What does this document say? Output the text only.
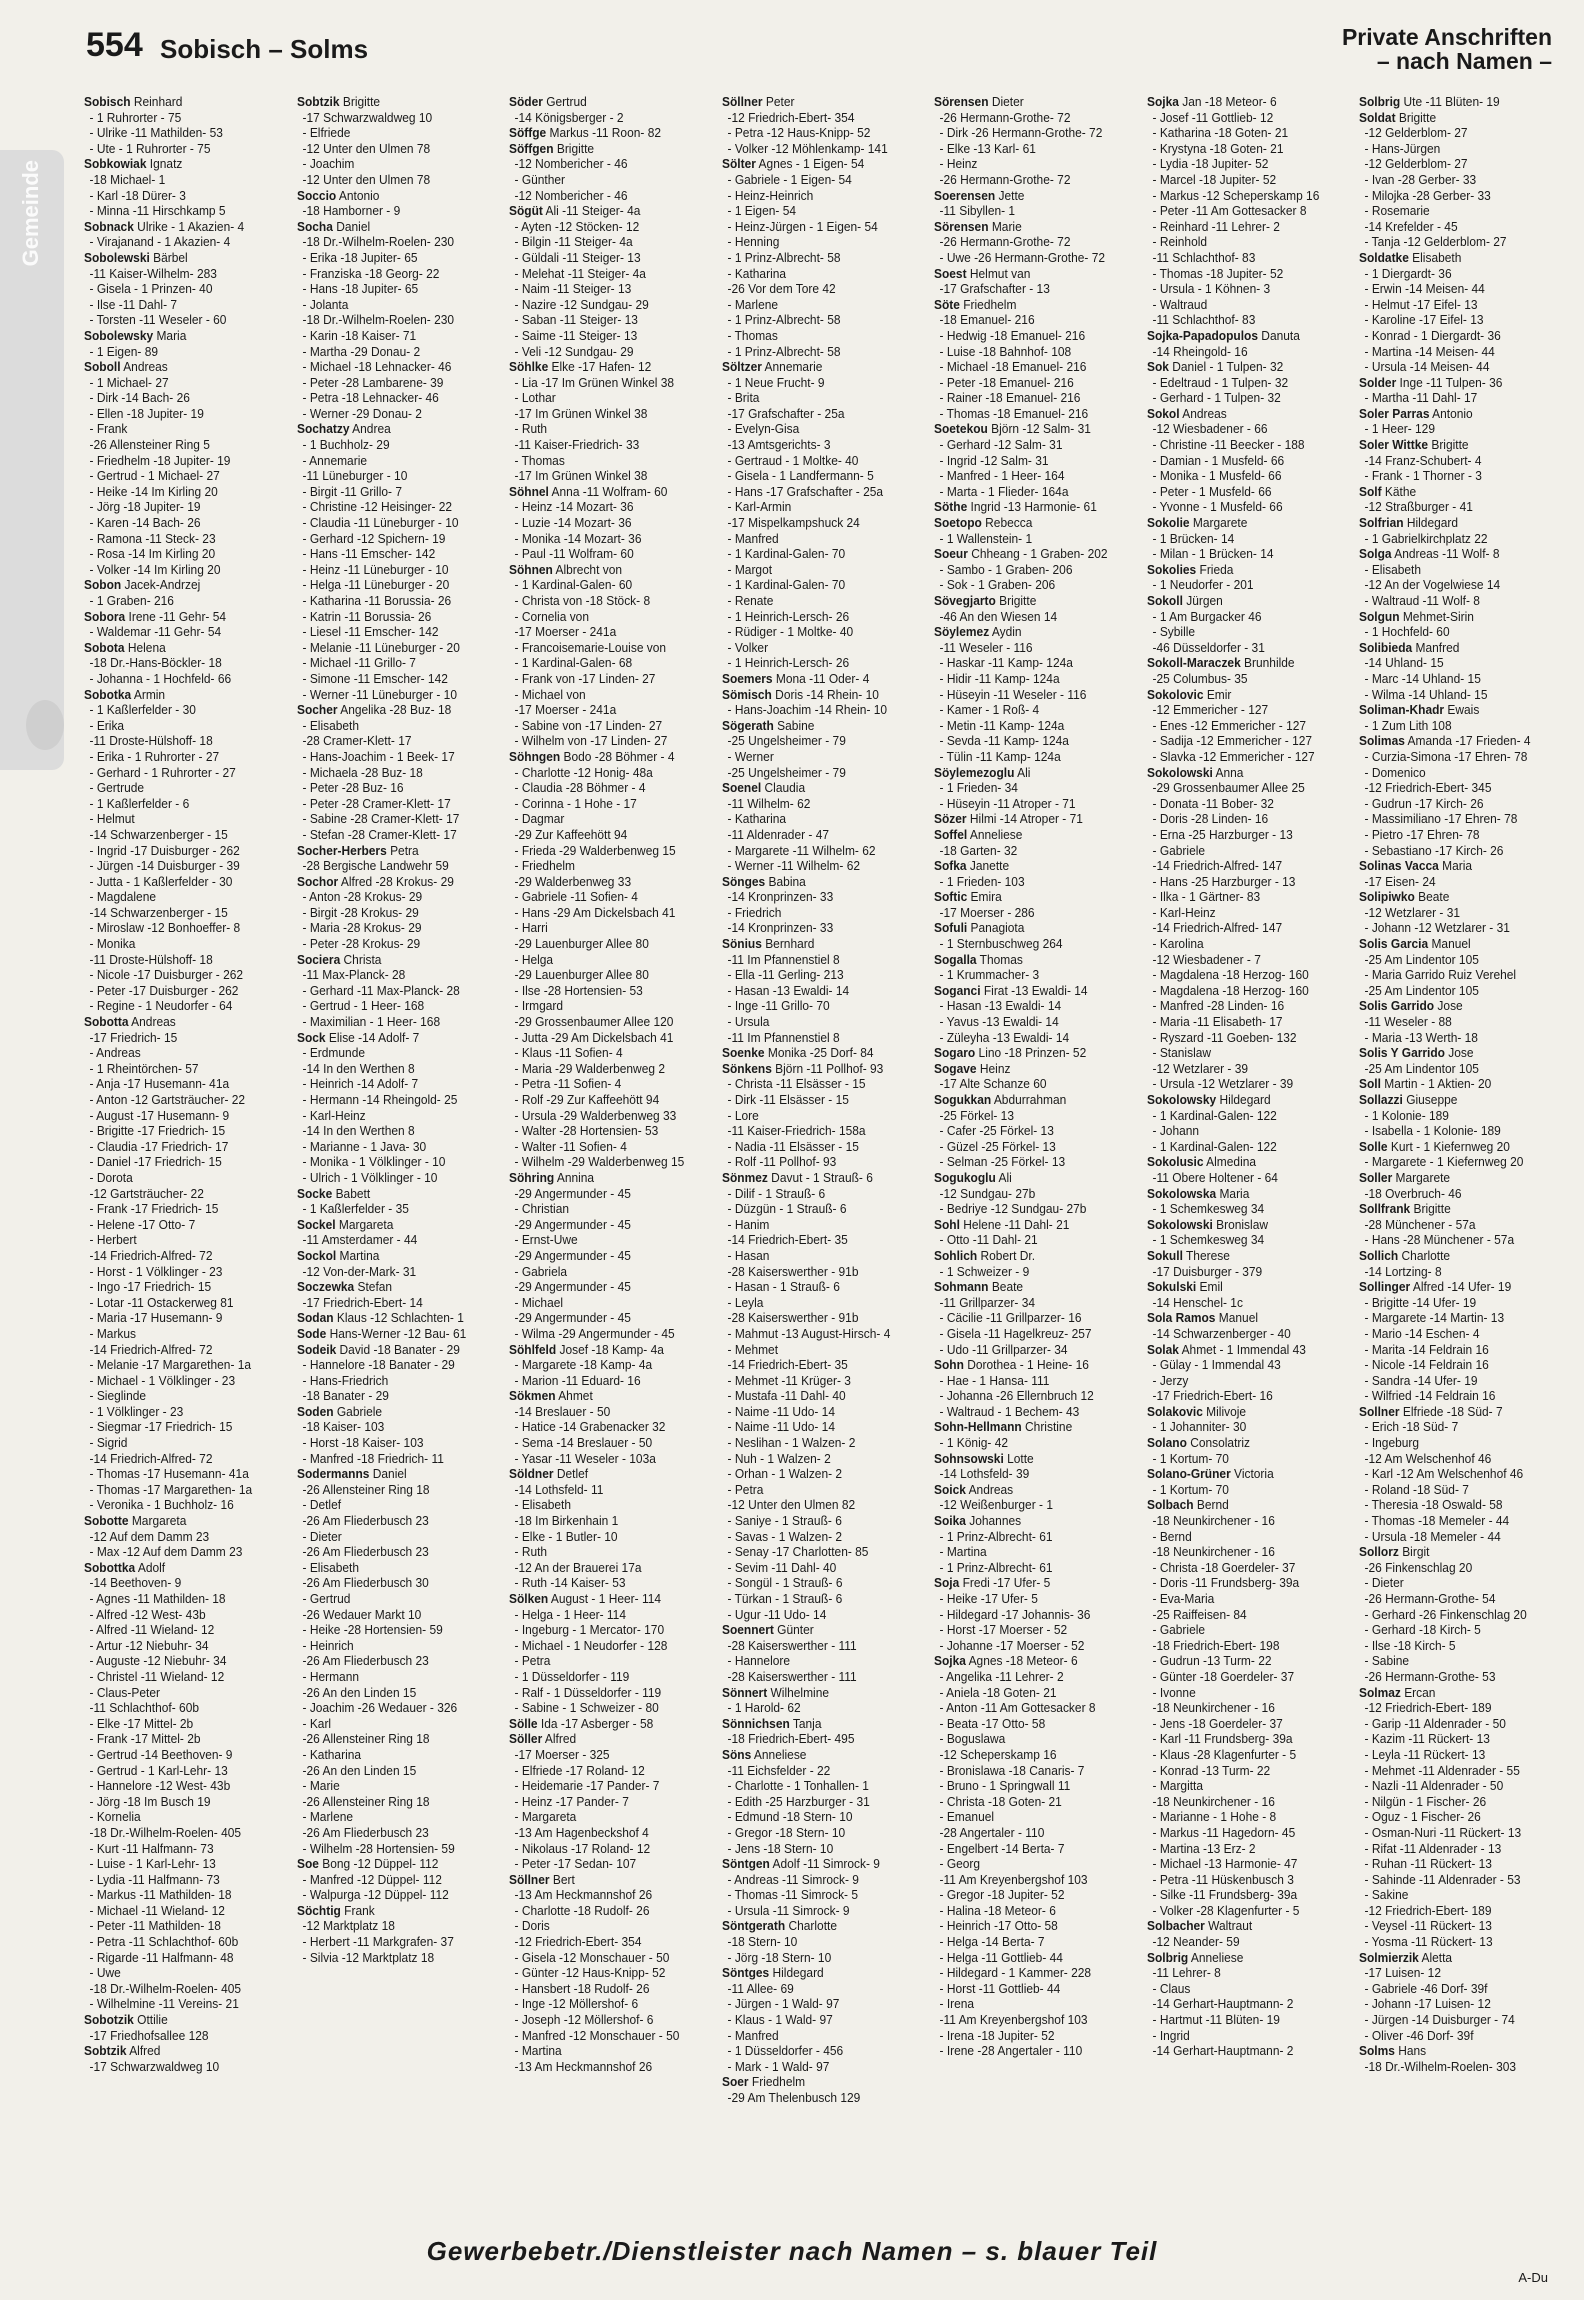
Gemeinde
554 Sobisch – Solms	Private Anschriften
– nach Namen –
Sobisch Reinhard
- 1 Ruhrorter - 75
- Ulrike -11 Mathilden- 53
- Ute - 1 Ruhrorter - 75
Sobkowiak Ignatz
-18 Michael- 1
- Karl -18 Dürer- 3
- Minna -11 Hirschkamp 5
Sobnack Ulrike - 1 Akazien- 4
- Virajanand - 1 Akazien- 4
Sobolewski Bärbel
-11 Kaiser-Wilhelm- 283
- Gisela - 1 Prinzen- 40
- Ilse -11 Dahl- 7
- Torsten -11 Weseler - 60
Sobolewsky Maria
- 1 Eigen- 89
Soboll Andreas
- 1 Michael- 27
- Dirk -14 Bach- 26
- Ellen -18 Jupiter- 19
- Frank
-26 Allensteiner Ring 5
- Friedhelm -18 Jupiter- 19
- Gertrud - 1 Michael- 27
- Heike -14 Im Kirling 20
- Jörg -18 Jupiter- 19
- Karen -14 Bach- 26
- Ramona -11 Steck- 23
- Rosa -14 Im Kirling 20
- Volker -14 Im Kirling 20
Sobon Jacek-Andrzej
- 1 Graben- 216
Sobora Irene -11 Gehr- 54
- Waldemar -11 Gehr- 54
Sobota Helena
-18 Dr.-Hans-Böckler- 18
- Johanna - 1 Hochfeld- 66
Sobotka Armin
- 1 Kaßlerfelder - 30
- Erika
-11 Droste-Hülshoff- 18
- Erika - 1 Ruhrorter - 27
- Gerhard - 1 Ruhrorter - 27
- Gertrude
- 1 Kaßlerfelder - 6
- Helmut
-14 Schwarzenberger - 15
- Ingrid -17 Duisburger - 262
- Jürgen -14 Duisburger - 39
- Jutta - 1 Kaßlerfelder - 30
- Magdalene
-14 Schwarzenberger - 15
- Miroslaw -12 Bonhoeffer- 8
- Monika
-11 Droste-Hülshoff- 18
- Nicole -17 Duisburger - 262
- Peter -17 Duisburger - 262
- Regine - 1 Neudorfer - 64
Sobotta Andreas
-17 Friedrich- 15
- Andreas
- 1 Rheintörchen- 57
- Anja -17 Husemann- 41a
- Anton -12 Gartsträucher- 22
- August -17 Husemann- 9
- Brigitte -17 Friedrich- 15
- Claudia -17 Friedrich- 17
- Daniel -17 Friedrich- 15
- Dorota
-12 Gartsträucher- 22
- Frank -17 Friedrich- 15
- Helene -17 Otto- 7
- Herbert
-14 Friedrich-Alfred- 72
- Horst - 1 Völklinger - 23
- Ingo -17 Friedrich- 15
- Lotar -11 Ostackerweg 81
- Maria -17 Husemann- 9
- Markus
-14 Friedrich-Alfred- 72
- Melanie -17 Margarethen- 1a
- Michael - 1 Völklinger - 23
- Sieglinde
- 1 Völklinger - 23
- Siegmar -17 Friedrich- 15
- Sigrid
-14 Friedrich-Alfred- 72
- Thomas -17 Husemann- 41a
- Thomas -17 Margarethen- 1a
- Veronika - 1 Buchholz- 16
Sobotte Margareta
-12 Auf dem Damm 23
- Max -12 Auf dem Damm 23
Sobottka Adolf
-14 Beethoven- 9
- Agnes -11 Mathilden- 18
- Alfred -12 West- 43b
- Alfred -11 Wieland- 12
- Artur -12 Niebuhr- 34
- Auguste -12 Niebuhr- 34
- Christel -11 Wieland- 12
- Claus-Peter
-11 Schlachthof- 60b
- Elke -17 Mittel- 2b
- Frank -17 Mittel- 2b
- Gertrud -14 Beethoven- 9
- Gertrud - 1 Karl-Lehr- 13
- Hannelore -12 West- 43b
- Jörg -18 Im Busch 19
- Kornelia
-18 Dr.-Wilhelm-Roelen- 405
- Kurt -11 Halfmann- 73
- Luise - 1 Karl-Lehr- 13
- Lydia -11 Halfmann- 73
- Markus -11 Mathilden- 18
- Michael -11 Wieland- 12
- Peter -11 Mathilden- 18
- Petra -11 Schlachthof- 60b
- Rigarde -11 Halfmann- 48
- Uwe
-18 Dr.-Wilhelm-Roelen- 405
- Wilhelmine -11 Vereins- 21
Sobotzik Ottilie
-17 Friedhofsallee 128
Sobtzik Alfred
-17 Schwarzwaldweg 10
Sobtzik Brigitte
-17 Schwarzwaldweg 10
- Elfriede
-12 Unter den Ulmen 78
- Joachim
-12 Unter den Ulmen 78
Soccio Antonio
-18 Hamborner - 9
Socha Daniel
-18 Dr.-Wilhelm-Roelen- 230
- Erika -18 Jupiter- 65
- Franziska -18 Georg- 22
- Hans -18 Jupiter- 65
- Jolanta
-18 Dr.-Wilhelm-Roelen- 230
- Karin -18 Kaiser- 71
- Martha -29 Donau- 2
- Michael -18 Lehnacker- 46
- Peter -28 Lambarene- 39
- Petra -18 Lehnacker- 46
- Werner -29 Donau- 2
Sochatzy Andrea
- 1 Buchholz- 29
- Annemarie
-11 Lüneburger - 10
- Birgit -11 Grillo- 7
- Christine -12 Heisinger- 22
- Claudia -11 Lüneburger - 10
- Gerhard -12 Spichern- 19
- Hans -11 Emscher- 142
- Heinz -11 Lüneburger - 10
- Helga -11 Lüneburger - 20
- Katharina -11 Borussia- 26
- Katrin -11 Borussia- 26
- Liesel -11 Emscher- 142
- Melanie -11 Lüneburger - 20
- Michael -11 Grillo- 7
- Simone -11 Emscher- 142
- Werner -11 Lüneburger - 10
Socher Angelika -28 Buz- 18
- Elisabeth
-28 Cramer-Klett- 17
- Hans-Joachim - 1 Beek- 17
- Michaela -28 Buz- 18
- Peter -28 Buz- 16
- Peter -28 Cramer-Klett- 17
- Sabine -28 Cramer-Klett- 17
- Stefan -28 Cramer-Klett- 17
Socher-Herbers Petra
-28 Bergische Landwehr 59
Sochor Alfred -28 Krokus- 29
- Anton -28 Krokus- 29
- Birgit -28 Krokus- 29
- Maria -28 Krokus- 29
- Peter -28 Krokus- 29
Sociera Christa
-11 Max-Planck- 28
- Gerhard -11 Max-Planck- 28
- Gertrud - 1 Heer- 168
- Maximilian - 1 Heer- 168
Sock Elise -14 Adolf- 7
- Erdmunde
-14 In den Werthen 8
- Heinrich -14 Adolf- 7
- Hermann -14 Rheingold- 25
- Karl-Heinz
-14 In den Werthen 8
- Marianne - 1 Java- 30
- Monika - 1 Völklinger - 10
- Ulrich - 1 Völklinger - 10
Socke Babett
- 1 Kaßlerfelder - 35
Sockel Margareta
-11 Amsterdamer - 44
Sockol Martina
-12 Von-der-Mark- 31
Soczewka Stefan
-17 Friedrich-Ebert- 14
Sodan Klaus -12 Schlachten- 1
Sode Hans-Werner -12 Bau- 61
Sodeik David -18 Banater - 29
- Hannelore -18 Banater - 29
- Hans-Friedrich
-18 Banater - 29
Soden Gabriele
-18 Kaiser- 103
- Horst -18 Kaiser- 103
- Manfred -18 Friedrich- 11
Sodermanns Daniel
-26 Allensteiner Ring 18
- Detlef
-26 Am Fliederbusch 23
- Dieter
-26 Am Fliederbusch 23
- Elisabeth
-26 Am Fliederbusch 30
- Gertrud
-26 Wedauer Markt 10
- Heike -28 Hortensien- 59
- Heinrich
-26 Am Fliederbusch 23
- Hermann
-26 An den Linden 15
- Joachim -26 Wedauer - 326
- Karl
-26 Allensteiner Ring 18
- Katharina
-26 An den Linden 15
- Marie
-26 Allensteiner Ring 18
- Marlene
-26 Am Fliederbusch 23
- Wilhelm -28 Hortensien- 59
Soe Bong -12 Düppel- 112
- Manfred -12 Düppel- 112
- Walpurga -12 Düppel- 112
Söchtig Frank
-12 Marktplatz 18
- Herbert -11 Markgrafen- 37
- Silvia -12 Marktplatz 18
Söder Gertrud
-14 Königsberger - 2
Söffge Markus -11 Roon- 82
Söffgen Brigitte
-12 Nombericher - 46
- Günther
-12 Nombericher - 46
Sögüt Ali -11 Steiger- 4a
- Ayten -12 Stöcken- 12
- Bilgin -11 Steiger- 4a
- Güldali -11 Steiger- 13
- Melehat -11 Steiger- 4a
- Naim -11 Steiger- 13
- Nazire -12 Sundgau- 29
- Saban -11 Steiger- 13
- Saime -11 Steiger- 13
- Veli -12 Sundgau- 29
Söhlke Elke -17 Hafen- 12
- Lia -17 Im Grünen Winkel 38
- Lothar
-17 Im Grünen Winkel 38
- Ruth
-11 Kaiser-Friedrich- 33
- Thomas
-17 Im Grünen Winkel 38
Söhnel Anna -11 Wolfram- 60
- Heinz -14 Mozart- 36
- Luzie -14 Mozart- 36
- Monika -14 Mozart- 36
- Paul -11 Wolfram- 60
Söhnen Albrecht von
- 1 Kardinal-Galen- 60
- Christa von -18 Stöck- 8
- Cornelia von
-17 Moerser - 241a
- Francoisemarie-Louise von
- 1 Kardinal-Galen- 68
- Frank von -17 Linden- 27
- Michael von
-17 Moerser - 241a
- Sabine von -17 Linden- 27
- Wilhelm von -17 Linden- 27
Söhngen Bodo -28 Böhmer - 4
- Charlotte -12 Honig- 48a
- Claudia -28 Böhmer - 4
- Corinna - 1 Hohe - 17
- Dagmar
-29 Zur Kaffeehött 94
- Frieda -29 Walderbenweg 15
- Friedhelm
-29 Walderbenweg 33
- Gabriele -11 Sofien- 4
- Hans -29 Am Dickelsbach 41
- Harri
-29 Lauenburger Allee 80
- Helga
-29 Lauenburger Allee 80
- Ilse -28 Hortensien- 53
- Irmgard
-29 Grossenbaumer Allee 120
- Jutta -29 Am Dickelsbach 41
- Klaus -11 Sofien- 4
- Maria -29 Walderbenweg 2
- Petra -11 Sofien- 4
- Rolf -29 Zur Kaffeehött 94
- Ursula -29 Walderbenweg 33
- Walter -28 Hortensien- 53
- Walter -11 Sofien- 4
- Wilhelm -29 Walderbenweg 15
Söhring Annina
-29 Angermunder - 45
- Christian
-29 Angermunder - 45
- Ernst-Uwe
-29 Angermunder - 45
- Gabriela
-29 Angermunder - 45
- Michael
-29 Angermunder - 45
- Wilma -29 Angermunder - 45
Söhlfeld Josef -18 Kamp- 4a
- Margarete -18 Kamp- 4a
- Marion -11 Eduard- 16
Sökmen Ahmet
-14 Breslauer - 50
- Hatice -14 Grabenacker 32
- Sema -14 Breslauer - 50
- Yasar -11 Weseler - 103a
Söldner Detlef
-14 Lothsfeld- 11
- Elisabeth
-18 Im Birkenhain 1
- Elke - 1 Butler- 10
- Ruth
-12 An der Brauerei 17a
- Ruth -14 Kaiser- 53
Sölken August - 1 Heer- 114
- Helga - 1 Heer- 114
- Ingeburg - 1 Mercator- 170
- Michael - 1 Neudorfer - 128
- Petra
- 1 Düsseldorfer - 119
- Ralf - 1 Düsseldorfer - 119
- Sabine - 1 Schweizer - 80
Sölle Ida -17 Asberger - 58
Söller Alfred
-17 Moerser - 325
- Elfriede -17 Roland- 12
- Heidemarie -17 Pander- 7
- Heinz -17 Pander- 7
- Margareta
-13 Am Hagenbeckshof 4
- Nikolaus -17 Roland- 12
- Peter -17 Sedan- 107
Söllner Bert
-13 Am Heckmannshof 26
- Charlotte -18 Rudolf- 26
- Doris
-12 Friedrich-Ebert- 354
- Gisela -12 Monschauer - 50
- Günter -12 Haus-Knipp- 52
- Hansbert -18 Rudolf- 26
- Inge -12 Möllershof- 6
- Joseph -12 Möllershof- 6
- Manfred -12 Monschauer - 50
- Martina
-13 Am Heckmannshof 26
Söllner Peter
-12 Friedrich-Ebert- 354
- Petra -12 Haus-Knipp- 52
- Volker -12 Möhlenkamp- 141
Sölter Agnes - 1 Eigen- 54
- Gabriele - 1 Eigen- 54
- Heinz-Heinrich
- 1 Eigen- 54
- Heinz-Jürgen - 1 Eigen- 54
- Henning
- 1 Prinz-Albrecht- 58
- Katharina
-26 Vor dem Tore 42
- Marlene
- 1 Prinz-Albrecht- 58
- Thomas
- 1 Prinz-Albrecht- 58
Söltzer Annemarie
- 1 Neue Frucht- 9
- Brita
-17 Grafschafter - 25a
- Evelyn-Gisa
-13 Amtsgerichts- 3
- Gertraud - 1 Moltke- 40
- Gisela - 1 Landfermann- 5
- Hans -17 Grafschafter - 25a
- Karl-Armin
-17 Mispelkampshuck 24
- Manfred
- 1 Kardinal-Galen- 70
- Margot
- 1 Kardinal-Galen- 70
- Renate
- 1 Heinrich-Lersch- 26
- Rüdiger - 1 Moltke- 40
- Volker
- 1 Heinrich-Lersch- 26
Soemers Mona -11 Oder- 4
Sömisch Doris -14 Rhein- 10
- Hans-Joachim -14 Rhein- 10
Sögerath Sabine
-25 Ungelsheimer - 79
- Werner
-25 Ungelsheimer - 79
Soenel Claudia
-11 Wilhelm- 62
- Katharina
-11 Aldenrader - 47
- Margarete -11 Wilhelm- 62
- Werner -11 Wilhelm- 62
Sönges Babina
-14 Kronprinzen- 33
- Friedrich
-14 Kronprinzen- 33
Sönius Bernhard
-11 Im Pfannenstiel 8
- Ella -11 Gerling- 213
- Hasan -13 Ewaldi- 14
- Inge -11 Grillo- 70
- Ursula
-11 Im Pfannenstiel 8
Soenke Monika -25 Dorf- 84
Sönkens Björn -11 Pollhof- 93
- Christa -11 Elsässer - 15
- Dirk -11 Elsässer - 15
- Lore
-11 Kaiser-Friedrich- 158a
- Nadia -11 Elsässer - 15
- Rolf -11 Pollhof- 93
Sönmez Davut - 1 Strauß- 6
- Dilif - 1 Strauß- 6
- Düzgün - 1 Strauß- 6
- Hanim
-14 Friedrich-Ebert- 35
- Hasan
-28 Kaiserswerther - 91b
- Hasan - 1 Strauß- 6
- Leyla
-28 Kaiserswerther - 91b
- Mahmut -13 August-Hirsch- 4
- Mehmet
-14 Friedrich-Ebert- 35
- Mehmet -11 Krüger- 3
- Mustafa -11 Dahl- 40
- Naime -11 Udo- 14
- Naime -11 Udo- 14
- Neslihan - 1 Walzen- 2
- Nuh - 1 Walzen- 2
- Orhan - 1 Walzen- 2
- Petra
-12 Unter den Ulmen 82
- Saniye - 1 Strauß- 6
- Savas - 1 Walzen- 2
- Senay -17 Charlotten- 85
- Sevim -11 Dahl- 40
- Songül - 1 Strauß- 6
- Türkan - 1 Strauß- 6
- Ugur -11 Udo- 14
Soennert Günter
-28 Kaiserswerther - 111
- Hannelore
-28 Kaiserswerther - 111
Sönnert Wilhelmine
- 1 Harold- 62
Sönnichsen Tanja
-18 Friedrich-Ebert- 495
Söns Anneliese
-11 Eichsfelder - 22
- Charlotte - 1 Tonhallen- 1
- Edith -25 Harzburger - 31
- Edmund -18 Stern- 10
- Gregor -18 Stern- 10
- Jens -18 Stern- 10
Söntgen Adolf -11 Simrock- 9
- Andreas -11 Simrock- 9
- Thomas -11 Simrock- 5
- Ursula -11 Simrock- 9
Söntgerath Charlotte
-18 Stern- 10
- Jörg -18 Stern- 10
Söntges Hildegard
-11 Allee- 69
- Jürgen - 1 Wald- 97
- Klaus - 1 Wald- 97
- Manfred
- 1 Düsseldorfer - 456
- Mark - 1 Wald- 97
Soer Friedhelm
-29 Am Thelenbusch 129
Sörensen Dieter
-26 Hermann-Grothe- 72
- Dirk -26 Hermann-Grothe- 72
- Elke -13 Karl- 61
- Heinz
-26 Hermann-Grothe- 72
Soerensen Jette
-11 Sibyllen- 1
Sörensen Marie
-26 Hermann-Grothe- 72
- Uwe -26 Hermann-Grothe- 72
Soest Helmut van
-17 Grafschafter - 13
Söte Friedhelm
-18 Emanuel- 216
- Hedwig -18 Emanuel- 216
- Luise -18 Bahnhof- 108
- Michael -18 Emanuel- 216
- Peter -18 Emanuel- 216
- Rainer -18 Emanuel- 216
- Thomas -18 Emanuel- 216
Soetekou Björn -12 Salm- 31
- Gerhard -12 Salm- 31
- Ingrid -12 Salm- 31
- Manfred - 1 Heer- 164
- Marta - 1 Flieder- 164a
Söthe Ingrid -13 Harmonie- 61
Soetopo Rebecca
- 1 Wallenstein- 1
Soeur Chheang - 1 Graben- 202
- Sambo - 1 Graben- 206
- Sok - 1 Graben- 206
Sövegjarto Brigitte
-46 An den Wiesen 14
Söylemez Aydin
-11 Weseler - 116
- Haskar -11 Kamp- 124a
- Hidir -11 Kamp- 124a
- Hüseyin -11 Weseler - 116
- Kamer - 1 Roß- 4
- Metin -11 Kamp- 124a
- Sevda -11 Kamp- 124a
- Tülin -11 Kamp- 124a
Söylemezoglu Ali
- 1 Frieden- 34
- Hüseyin -11 Atroper - 71
Sözer Hilmi -14 Atroper - 71
Soffel Anneliese
-18 Garten- 32
Sofka Janette
- 1 Frieden- 103
Softic Emira
-17 Moerser - 286
Sofuli Panagiota
- 1 Sternbuschweg 264
Sogalla Thomas
- 1 Krummacher- 3
Soganci Firat -13 Ewaldi- 14
- Hasan -13 Ewaldi- 14
- Yavus -13 Ewaldi- 14
- Züleyha -13 Ewaldi- 14
Sogaro Lino -18 Prinzen- 52
Sogave Heinz
-17 Alte Schanze 60
Sogukkan Abdurrahman
-25 Förkel- 13
- Cafer -25 Förkel- 13
- Güzel -25 Förkel- 13
- Selman -25 Förkel- 13
Sogukoglu Ali
-12 Sundgau- 27b
- Bedriye -12 Sundgau- 27b
Sohl Helene -11 Dahl- 21
- Otto -11 Dahl- 21
Sohlich Robert Dr.
- 1 Schweizer - 9
Sohmann Beate
-11 Grillparzer- 34
- Cäcilie -11 Grillparzer- 16
- Gisela -11 Hagelkreuz- 257
- Udo -11 Grillparzer- 34
Sohn Dorothea - 1 Heine- 16
- Hae - 1 Hansa- 111
- Johanna -26 Ellernbruch 12
- Waltraud - 1 Bechem- 43
Sohn-Hellmann Christine
- 1 König- 42
Sohnsowski Lotte
-14 Lothsfeld- 39
Soick Andreas
-12 Weißenburger - 1
Soika Johannes
- 1 Prinz-Albrecht- 61
- Martina
- 1 Prinz-Albrecht- 61
Soja Fredi -17 Ufer- 5
- Heike -17 Ufer- 5
- Hildegard -17 Johannis- 36
- Horst -17 Moerser - 52
- Johanne -17 Moerser - 52
Sojka Agnes -18 Meteor- 6
- Angelika -11 Lehrer- 2
- Aniela -18 Goten- 21
- Anton -11 Am Gottesacker 8
- Beata -17 Otto- 58
- Boguslawa
-12 Scheperskamp 16
- Bronislawa -18 Canaris- 7
- Bruno - 1 Springwall 11
- Christa -18 Goten- 21
- Emanuel
-28 Angertaler - 110
- Engelbert -14 Berta- 7
- Georg
-11 Am Kreyenbergshof 103
- Gregor -18 Jupiter- 52
- Halina -18 Meteor- 6
- Heinrich -17 Otto- 58
- Helga -14 Berta- 7
- Helga -11 Gottlieb- 44
- Hildegard - 1 Kammer- 228
- Horst -11 Gottlieb- 44
- Irena
-11 Am Kreyenbergshof 103
- Irena -18 Jupiter- 52
- Irene -28 Angertaler - 110
Sojka Jan -18 Meteor- 6
- Josef -11 Gottlieb- 12
- Katharina -18 Goten- 21
- Krystyna -18 Goten- 21
- Lydia -18 Jupiter- 52
- Marcel -18 Jupiter- 52
- Markus -12 Scheperskamp 16
- Peter -11 Am Gottesacker 8
- Reinhard -11 Lehrer- 2
- Reinhold
-11 Schlachthof- 83
- Thomas -18 Jupiter- 52
- Ursula - 1 Köhnen- 3
- Waltraud
-11 Schlachthof- 83
Sojka-Papadopulos Danuta
-14 Rheingold- 16
Sok Daniel - 1 Tulpen- 32
- Edeltraud - 1 Tulpen- 32
- Gerhard - 1 Tulpen- 32
Sokol Andreas
-12 Wiesbadener - 66
- Christine -11 Beecker - 188
- Damian - 1 Musfeld- 66
- Monika - 1 Musfeld- 66
- Peter - 1 Musfeld- 66
- Yvonne - 1 Musfeld- 66
Sokolie Margarete
- 1 Brücken- 14
- Milan - 1 Brücken- 14
Sokolies Frieda
- 1 Neudorfer - 201
Sokoll Jürgen
- 1 Am Burgacker 46
- Sybille
-46 Düsseldorfer - 31
Sokoll-Maraczek Brunhilde
-25 Columbus- 35
Sokolovic Emir
-12 Emmericher - 127
- Enes -12 Emmericher - 127
- Sadija -12 Emmericher - 127
- Slavka -12 Emmericher - 127
Sokolowski Anna
-29 Grossenbaumer Allee 25
- Donata -11 Bober- 32
- Doris -28 Linden- 16
- Erna -25 Harzburger - 13
- Gabriele
-14 Friedrich-Alfred- 147
- Hans -25 Harzburger - 13
- Ilka - 1 Gärtner- 83
- Karl-Heinz
-14 Friedrich-Alfred- 147
- Karolina
-12 Wiesbadener - 7
- Magdalena -18 Herzog- 160
- Magdalena -18 Herzog- 160
- Manfred -28 Linden- 16
- Maria -11 Elisabeth- 17
- Ryszard -11 Goeben- 132
- Stanislaw
-12 Wetzlarer - 39
- Ursula -12 Wetzlarer - 39
Sokolowsky Hildegard
- 1 Kardinal-Galen- 122
- Johann
- 1 Kardinal-Galen- 122
Sokolusic Almedina
-11 Obere Holtener - 64
Sokolowska Maria
- 1 Schemkesweg 34
Sokolowski Bronislaw
- 1 Schemkesweg 34
Sokull Therese
-17 Duisburger - 379
Sokulski Emil
-14 Henschel- 1c
Sola Ramos Manuel
-14 Schwarzenberger - 40
Solak Ahmet - 1 Immendal 43
- Gülay - 1 Immendal 43
- Jerzy
-17 Friedrich-Ebert- 16
Solakovic Milivoje
- 1 Johanniter- 30
Solano Consolatriz
- 1 Kortum- 70
Solano-Grüner Victoria
- 1 Kortum- 70
Solbach Bernd
-18 Neunkirchener - 16
- Bernd
-18 Neunkirchener - 16
- Christa -18 Goerdeler- 37
- Doris -11 Frundsberg- 39a
- Eva-Maria
-25 Raiffeisen- 84
- Gabriele
-18 Friedrich-Ebert- 198
- Gudrun -13 Turm- 22
- Günter -18 Goerdeler- 37
- Ivonne
-18 Neunkirchener - 16
- Jens -18 Goerdeler- 37
- Karl -11 Frundsberg- 39a
- Klaus -28 Klagenfurter - 5
- Konrad -13 Turm- 22
- Margitta
-18 Neunkirchener - 16
- Marianne - 1 Hohe - 8
- Markus -11 Hagedorn- 45
- Martina -13 Erz- 2
- Michael -13 Harmonie- 47
- Petra -11 Hüskenbusch 3
- Silke -11 Frundsberg- 39a
- Volker -28 Klagenfurter - 5
Solbacher Waltraut
-12 Neander- 59
Solbrig Anneliese
-11 Lehrer- 8
- Claus
-14 Gerhart-Hauptmann- 2
- Hartmut -11 Blüten- 19
- Ingrid
-14 Gerhart-Hauptmann- 2
Solbrig Ute -11 Blüten- 19
Soldat Brigitte
-12 Gelderblom- 27
- Hans-Jürgen
-12 Gelderblom- 27
- Ivan -28 Gerber- 33
- Milojka -28 Gerber- 33
- Rosemarie
-14 Krefelder - 45
- Tanja -12 Gelderblom- 27
Soldatke Elisabeth
- 1 Diergardt- 36
- Erwin -14 Meisen- 44
- Helmut -17 Eifel- 13
- Karoline -17 Eifel- 13
- Konrad - 1 Diergardt- 36
- Martina -14 Meisen- 44
- Ursula -14 Meisen- 44
Solder Inge -11 Tulpen- 36
- Martha -11 Dahl- 17
Soler Parras Antonio
- 1 Heer- 129
Soler Wittke Brigitte
-14 Franz-Schubert- 4
- Frank - 1 Thorner - 3
Solf Käthe
-12 Straßburger - 41
Solfrian Hildegard
- 1 Gabrielkirchplatz 22
Solga Andreas -11 Wolf- 8
- Elisabeth
-12 An der Vogelwiese 14
- Waltraud -11 Wolf- 8
Solgun Mehmet-Sirin
- 1 Hochfeld- 60
Solibieda Manfred
-14 Uhland- 15
- Marc -14 Uhland- 15
- Wilma -14 Uhland- 15
Soliman-Khadr Ewais
- 1 Zum Lith 108
Solimas Amanda -17 Frieden- 4
- Curzia-Simona -17 Ehren- 78
- Domenico
-12 Friedrich-Ebert- 345
- Gudrun -17 Kirch- 26
- Massimiliano -17 Ehren- 78
- Pietro -17 Ehren- 78
- Sebastiano -17 Kirch- 26
Solinas Vacca Maria
-17 Eisen- 24
Solipiwko Beate
-12 Wetzlarer - 31
- Johann -12 Wetzlarer - 31
Solis Garcia Manuel
-25 Am Lindentor 105
- Maria Garrido Ruiz Verehel
-25 Am Lindentor 105
Solis Garrido Jose
-11 Weseler - 88
- Maria -13 Werth- 18
Solis Y Garrido Jose
-25 Am Lindentor 105
Soll Martin - 1 Aktien- 20
Sollazzi Giuseppe
- 1 Kolonie- 189
- Isabella - 1 Kolonie- 189
Solle Kurt - 1 Kiefernweg 20
- Margarete - 1 Kiefernweg 20
Soller Margarete
-18 Overbruch- 46
Sollfrank Brigitte
-28 Münchener - 57a
- Hans -28 Münchener - 57a
Sollich Charlotte
-14 Lortzing- 8
Sollinger Alfred -14 Ufer- 19
- Brigitte -14 Ufer- 19
- Margarete -14 Martin- 13
- Mario -14 Eschen- 4
- Marita -14 Feldrain 16
- Nicole -14 Feldrain 16
- Sandra -14 Ufer- 19
- Wilfried -14 Feldrain 16
Sollner Elfriede -18 Süd- 7
- Erich -18 Süd- 7
- Ingeburg
-12 Am Welschenhof 46
- Karl -12 Am Welschenhof 46
- Roland -18 Süd- 7
- Theresia -18 Oswald- 58
- Thomas -18 Memeler - 44
- Ursula -18 Memeler - 44
Sollorz Birgit
-26 Finkenschlag 20
- Dieter
-26 Hermann-Grothe- 54
- Gerhard -26 Finkenschlag 20
- Gerhard -18 Kirch- 5
- Ilse -18 Kirch- 5
- Sabine
-26 Hermann-Grothe- 53
Solmaz Ercan
-12 Friedrich-Ebert- 189
- Garip -11 Aldenrader - 50
- Kazim -11 Rückert- 13
- Leyla -11 Rückert- 13
- Mehmet -11 Aldenrader - 55
- Nazli -11 Aldenrader - 50
- Nilgün - 1 Fischer- 26
- Oguz - 1 Fischer- 26
- Osman-Nuri -11 Rückert- 13
- Rifat -11 Aldenrader - 13
- Ruhan -11 Rückert- 13
- Sahinde -11 Aldenrader - 53
- Sakine
-12 Friedrich-Ebert- 189
- Veysel -11 Rückert- 13
- Yosma -11 Rückert- 13
Solmierzik Aletta
-17 Luisen- 12
- Gabriele -46 Dorf- 39f
- Johann -17 Luisen- 12
- Jürgen -14 Duisburger - 74
- Oliver -46 Dorf- 39f
Solms Hans
-18 Dr.-Wilhelm-Roelen- 303
Gewerbebetr./Dienstleister nach Namen – s. blauer Teil
A-Du
